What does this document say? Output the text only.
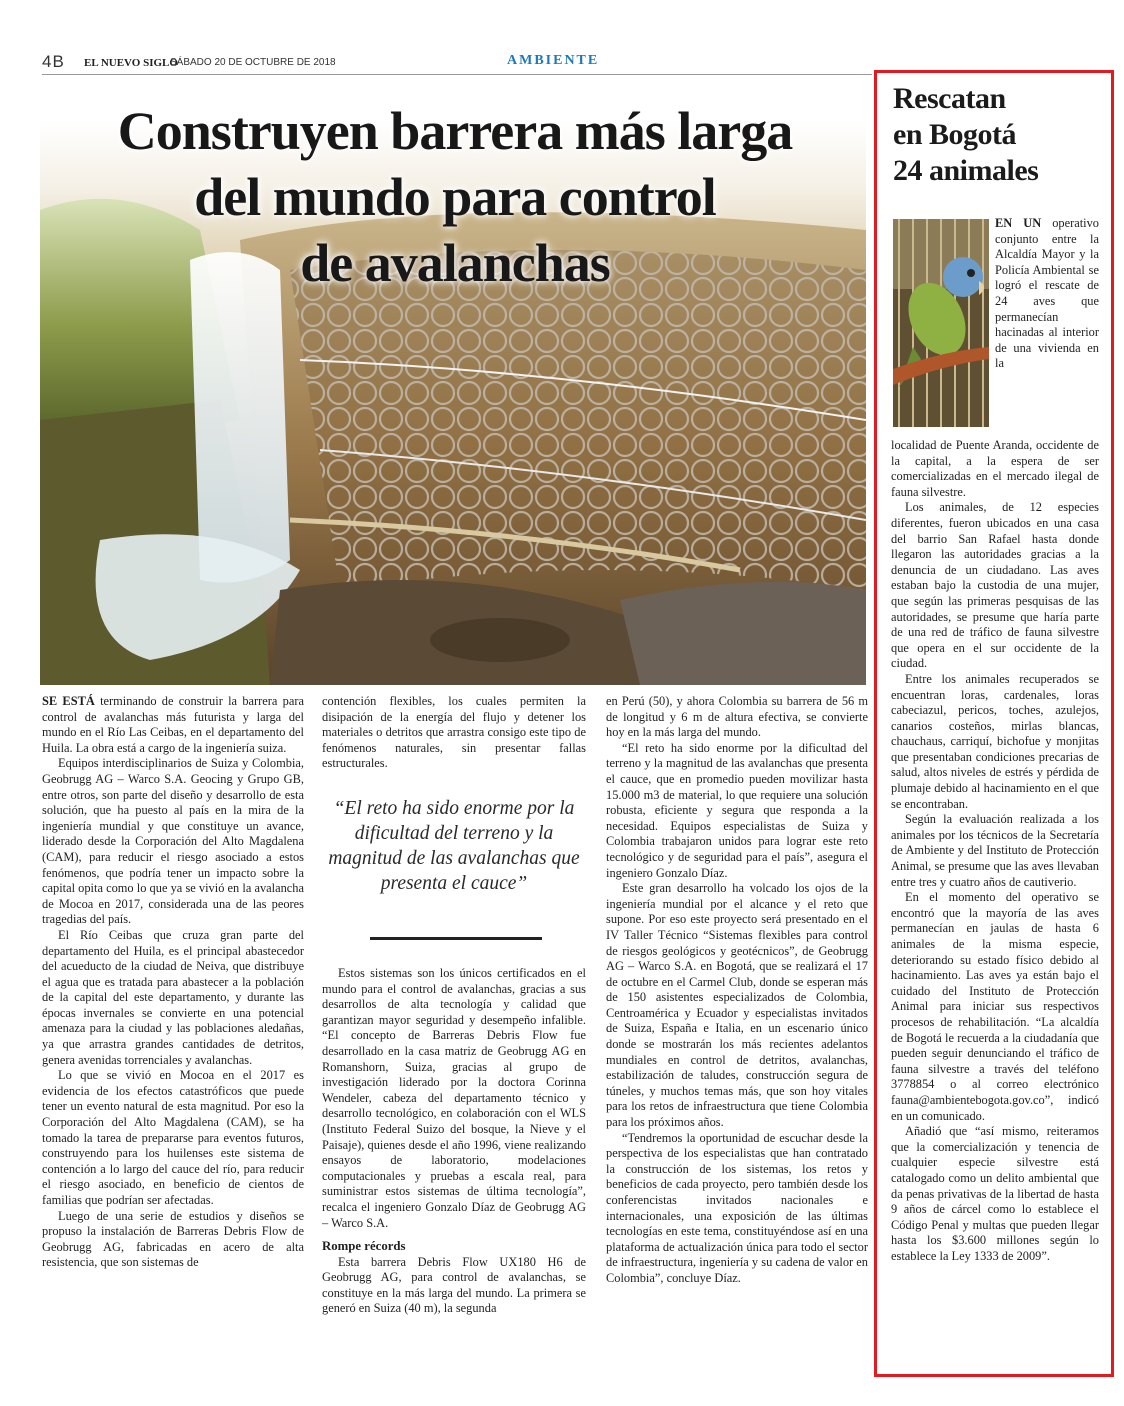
4B EL NUEVO SIGLO
SÁBADO 20 DE OCTUBRE DE 2018	AMBIENTE
Construyen barrera más larga
del mundo para control
de avalanchas

SE ESTÁ terminando de construir la barrera para control de avalanchas más futurista y larga del mundo en el Río Las Ceibas, en el departamento del Huila. La obra está a cargo de la ingeniería suiza.

Equipos interdisciplinarios de Suiza y Colombia, Geobrugg AG – Warco S.A. Geocing y Grupo GB, entre otros, son parte del diseño y desarrollo de esta solución, que ha puesto al país en la mira de la ingeniería mundial y que constituye un avance, liderado desde la Corporación del Alto Magdalena (CAM), para reducir el riesgo asociado a estos fenómenos, que podría tener un impacto sobre la capital opita como lo que ya se vivió en la avalancha de Mocoa en 2017, considerada una de las peores tragedias del país.

El Río Ceibas que cruza gran parte del departamento del Huila, es el principal abastecedor del acueducto de la ciudad de Neiva, que distribuye el agua que es tratada para abastecer a la población de la capital del este departamento, y durante las épocas invernales se convierte en una potencial amenaza para la ciudad y las poblaciones aledañas, ya que arrastra grandes cantidades de detritos, genera avenidas torrenciales y avalanchas.

Lo que se vivió en Mocoa en el 2017 es evidencia de los efectos catastróficos que puede tener un evento natural de esta magnitud. Por eso la Corporación del Alto Magdalena (CAM), se ha tomado la tarea de prepararse para eventos futuros, construyendo para los huilenses este sistema de contención a lo largo del cauce del río, para reducir el riesgo asociado, en beneficio de cientos de familias que podrían ser afectadas.

Luego de una serie de estudios y diseños se propuso la instalación de Barreras Debris Flow de Geobrugg AG, fabricadas en acero de alta resistencia, que son sistemas de

contención flexibles, los cuales permiten la disipación de la energía del flujo y detener los materiales o detritos que arrastra consigo este tipo de fenómenos naturales, sin presentar fallas estructurales.

“El reto ha sido enorme por la dificultad del terreno y la magnitud de las avalanchas que presenta el cauce”

Estos sistemas son los únicos certificados en el mundo para el control de avalanchas, gracias a sus desarrollos de alta tecnología y calidad que garantizan mayor seguridad y desempeño infalible. “El concepto de Barreras Debris Flow fue desarrollado en la casa matriz de Geobrugg AG en Romanshorn, Suiza, gracias al grupo de investigación liderado por la doctora Corinna Wendeler, cabeza del departamento técnico y desarrollo tecnológico, en colaboración con el WLS (Instituto Federal Suizo del bosque, la Nieve y el Paisaje), quienes desde el año 1996, viene realizando ensayos de laboratorio, modelaciones computacionales y pruebas a escala real, para suministrar estos sistemas de última tecnología”, recalca el ingeniero Gonzalo Díaz de Geobrugg AG – Warco S.A.

Rompe récords

Esta barrera Debris Flow UX180 H6 de Geobrugg AG, para control de avalanchas, se constituye en la más larga del mundo. La primera se generó en Suiza (40 m), la segunda

en Perú (50), y ahora Colombia su barrera de 56 m de longitud y 6 m de altura efectiva, se convierte hoy en la más larga del mundo.

“El reto ha sido enorme por la dificultad del terreno y la magnitud de las avalanchas que presenta el cauce, que en promedio pueden movilizar hasta 15.000 m3 de material, lo que requiere una solución robusta, eficiente y segura que responda a la necesidad. Equipos especialistas de Suiza y Colombia trabajaron unidos para lograr este reto tecnológico y de seguridad para el país”, asegura el ingeniero Gonzalo Díaz.

Este gran desarrollo ha volcado los ojos de la ingeniería mundial por el alcance y el reto que supone. Por eso este proyecto será presentado en el IV Taller Técnico “Sistemas flexibles para control de riesgos geológicos y geotécnicos”, de Geobrugg AG – Warco S.A. en Bogotá, que se realizará el 17 de octubre en el Carmel Club, donde se esperan más de 150 asistentes especializados de Colombia, Centroamérica y Ecuador y especialistas invitados de Suiza, España e Italia, en un escenario único donde se mostrarán los más recientes adelantos mundiales en control de detritos, avalanchas, estabilización de taludes, construcción segura de túneles, y muchos temas más, que son hoy vitales para los retos de infraestructura que tiene Colombia para los próximos años.

“Tendremos la oportunidad de escuchar desde la perspectiva de los especialistas que han contratado la construcción de los sistemas, los retos y beneficios de cada proyecto, pero también desde los conferencistas invitados nacionales e internacionales, una exposición de las últimas tecnologías en este tema, constituyéndose así en una plataforma de actualización única para todo el sector de infraestructura, ingeniería y su cadena de valor en Colombia”, concluye Díaz.

Rescatan
en Bogotá
24 animales

EN UN operativo conjunto entre la Alcaldía Mayor y la Policía Ambiental se logró el rescate de 24 aves que permanecían hacinadas al interior de una vivienda en la

localidad de Puente Aranda, occidente de la capital, a la espera de ser comercializadas en el mercado ilegal de fauna silvestre.

Los animales, de 12 especies diferentes, fueron ubicados en una casa del barrio San Rafael hasta donde llegaron las autoridades gracias a la denuncia de un ciudadano. Las aves estaban bajo la custodia de una mujer, que según las primeras pesquisas de las autoridades, se presume que haría parte de una red de tráfico de fauna silvestre que opera en el sur occidente de la ciudad.

Entre los animales recuperados se encuentran loras, cardenales, loras cabeciazul, pericos, toches, azulejos, canarios costeños, mirlas blancas, chauchaus, carriquí, bichofue y monjitas que presentaban condiciones precarias de salud, altos niveles de estrés y pérdida de plumaje debido al hacinamiento en el que se encontraban.

Según la evaluación realizada a los animales por los técnicos de la Secretaría de Ambiente y del Instituto de Protección Animal, se presume que las aves llevaban entre tres y cuatro años de cautiverio.

En el momento del operativo se encontró que la mayoría de las aves permanecían en jaulas de hasta 6 animales de la misma especie, deteriorando su estado físico debido al hacinamiento. Las aves ya están bajo el cuidado del Instituto de Protección Animal para iniciar sus respectivos procesos de rehabilitación. “La alcaldía de Bogotá le recuerda a la ciudadanía que pueden seguir denunciando el tráfico de fauna silvestre a través del teléfono 3778854 o al correo electrónico fauna@ambientebogota.gov.co”, indicó en un comunicado.

Añadió que “así mismo, reiteramos que la comercialización y tenencia de cualquier especie silvestre está catalogado como un delito ambiental que da penas privativas de la libertad de hasta 9 años de cárcel como lo establece el Código Penal y multas que pueden llegar hasta los $3.600 millones según lo establece la Ley 1333 de 2009”.
